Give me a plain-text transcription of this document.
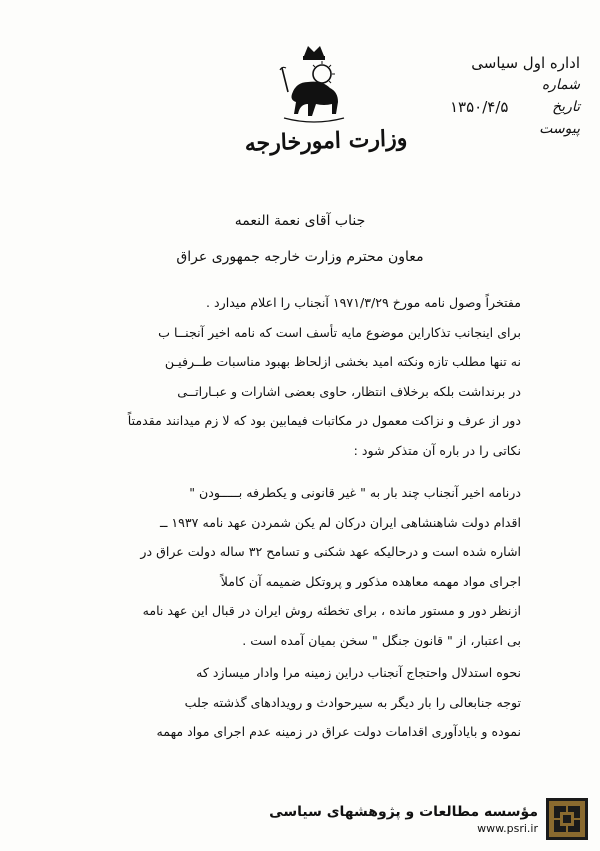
وزارت امورخارجه
اداره اول سیاسی
شماره
تاریخ
۱۳۵۰/۴/۵
پیوست
جناب آقای نعمة النعمه
معاون محترم وزارت خارجه جمهوری عراق
مفتخراً وصول نامه مورخ ۱۹۷۱/۳/۲۹ آنجناب را اعلام میدارد .
برای اینجانب تذکاراین موضوع مایه تأسف است که نامه اخیر آنجنــا ب
نه تنها مطلب تازه ونکته امید بخشی ازلحاظ بهبود مناسبات طــرفیـن
در برنداشت بلکه برخلاف انتظار، حاوی بعضی اشارات و عبـاراتــی
دور از عرف و نزاکت معمول در مکاتبات فیمابین بود که لا زم میدانند مقدمتاً
نکاتی را در باره آن متذکر شود :
درنامه اخیر آنجناب چند بار به " غیر قانونی و یکطرفه بـــــودن "
اقدام دولت شاهنشاهی ایران درکان لم یکن شمردن عهد نامه ۱۹۳۷ ــ
اشاره شده است و درحالیکه عهد شکنی و تسامح ۳۲ ساله دولت عراق در
اجرای مواد مهمه معاهده مذکور و پروتکل ضمیمه آن کاملاً
ازنظر دور و مستور مانده ، برای تخطئه روش ایران در قبال این عهد نامه
بی اعتبار، از " قانون جنگل " سخن بمیان آمده است .
نحوه استدلال واحتجاج آنجناب دراین زمینه مرا وادار میسازد که
توجه جنابعالی را بار دیگر به سیرحوادث و رویدادهای گذشته جلب
نموده و بایادآوری اقدامات دولت عراق در زمینه عدم اجرای مواد مهمه
مؤسسه مطالعات و پژوهشهای سیاسی
www.psri.ir
